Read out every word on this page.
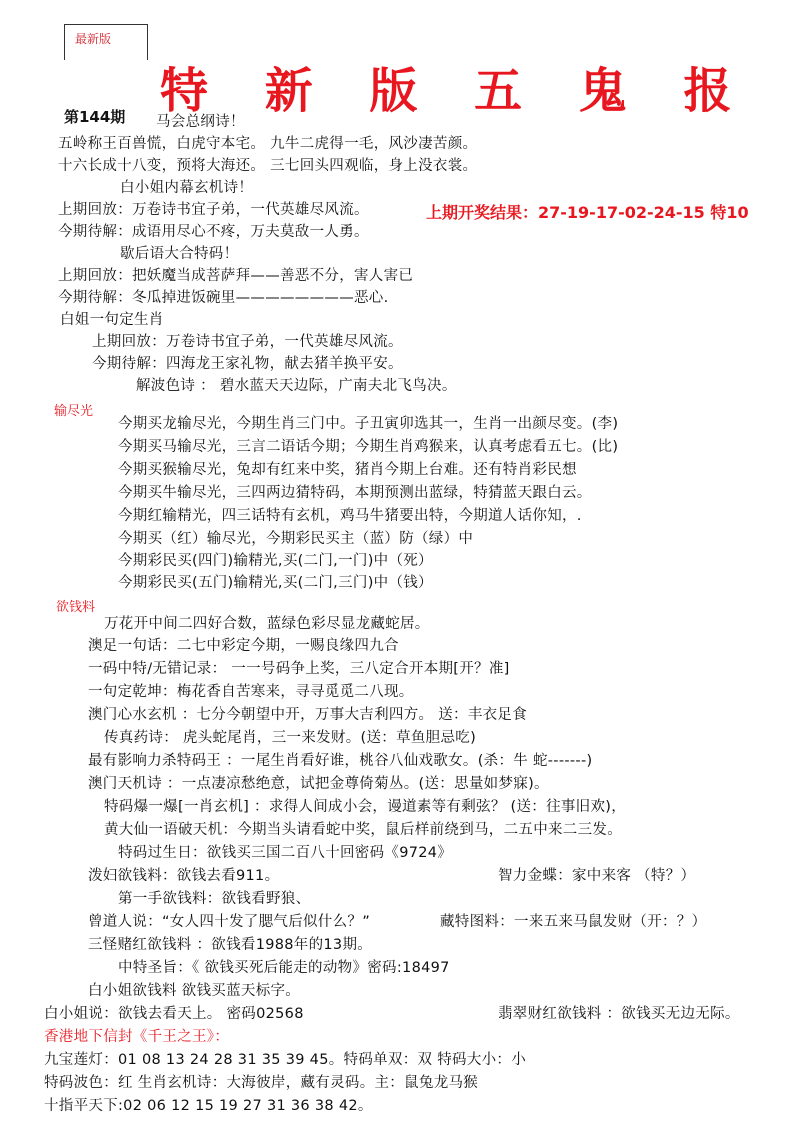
最新版
特 新 版 五 鬼 报
第144期 马会总纲诗！
五岭称王百兽慌，白虎守本宅。 九牛二虎得一毛，风沙凄苦颜。
十六长成十八变，预将大海还。 三七回头四观临，身上没衣裳。
白小姐内幕玄机诗！
上期回放：万卷诗书宜子弟，一代英雄尽风流。	上期开奖结果：27-19-17-02-24-15 特10
今期待解：成语用尽心不疼，万夫莫敌一人勇。
歇后语大合特码！
上期回放：把妖魔当成菩萨拜——善恶不分，害人害已
今期待解：冬瓜掉进饭碗里————————恶心.
白姐一句定生肖
上期回放：万卷诗书宜子弟，一代英雄尽风流。
今期待解：四海龙王家礼物，献去猪羊换平安。
解波色诗 ： 碧水蓝天天边际，广南夫北飞鸟决。
输尽光
今期买龙输尽光，今期生肖三门中。子丑寅卯选其一，生肖一出颜尽变。(李)
今期买马输尽光，三言二语话今期；今期生肖鸡猴来，认真考虑看五七。(比)
今期买猴输尽光，兔却有红来中奖，猪肖今期上台难。还有特肖彩民想
今期买牛输尽光，三四两边猜特码，本期预测出蓝绿，特猜蓝天跟白云。
今期红输精光，四三话特有玄机，鸡马牛猪要出特，今期道人话你知，.
今期买（红）输尽光，今期彩民买主（蓝）防（绿）中
今期彩民买(四门)输精光,买(二门,一门)中（死）
今期彩民买(五门)输精光,买(二门,三门)中（钱）
欲钱料
万花开中间二四好合数，蓝绿色彩尽显龙藏蛇居。
澳足一句话：二七中彩定今期，一赐良缘四九合
一码中特/无错记录： 一一号码争上奖，三八定合开本期[开？准]
一句定乾坤：梅花香自苦寒来，寻寻觅觅二八现。
澳门心水玄机 ：七分今朝望中开，万事大吉利四方。 送：丰衣足食
传真药诗： 虎头蛇尾肖，三一来发财。(送：草鱼胆忌吃)
最有影响力杀特码王 ：一尾生肖看好谁，桃谷八仙戏歌女。(杀：牛 蛇-------)
澳门天机诗 ：一点凄凉愁绝意，试把金尊倚菊丛。(送：思量如梦寐)。
特码爆一爆[一肖玄机] ：求得人间成小会，谩道素等有剩弦？ (送：往事旧欢)，
黄大仙一语破天机：今期当头请看蛇中奖，鼠后样前绕到马，二五中来二三发。
特码过生日：欲钱买三国二百八十回密码《9724》
泼妇欲钱料：欲钱去看911。	智力金蝶：家中来客 （特？）
第一手欲钱料：欲钱看野狼、
曾道人说：“女人四十发了腮气后似什么？”	藏特图料：一来五来马鼠发财（开：？）
三怪赌红欲钱料 ：欲钱看1988年的13期。
中特圣旨：《 欲钱买死后能走的动物》密码:18497
白小姐欲钱料 欲钱买蓝天标字。
白小姐说：欲钱去看天上。 密码02568	翡翠财红欲钱料 ：欲钱买无边无际。
香港地下信封《千王之王》：
九宝莲灯：01 08 13 24 28 31 35 39 45。特码单双：双 特码大小：小
特码波色：红 生肖玄机诗：大海彼岸，藏有灵码。主：鼠兔龙马猴
十指平天下:02 06 12 15 19 27 31 36 38 42。
